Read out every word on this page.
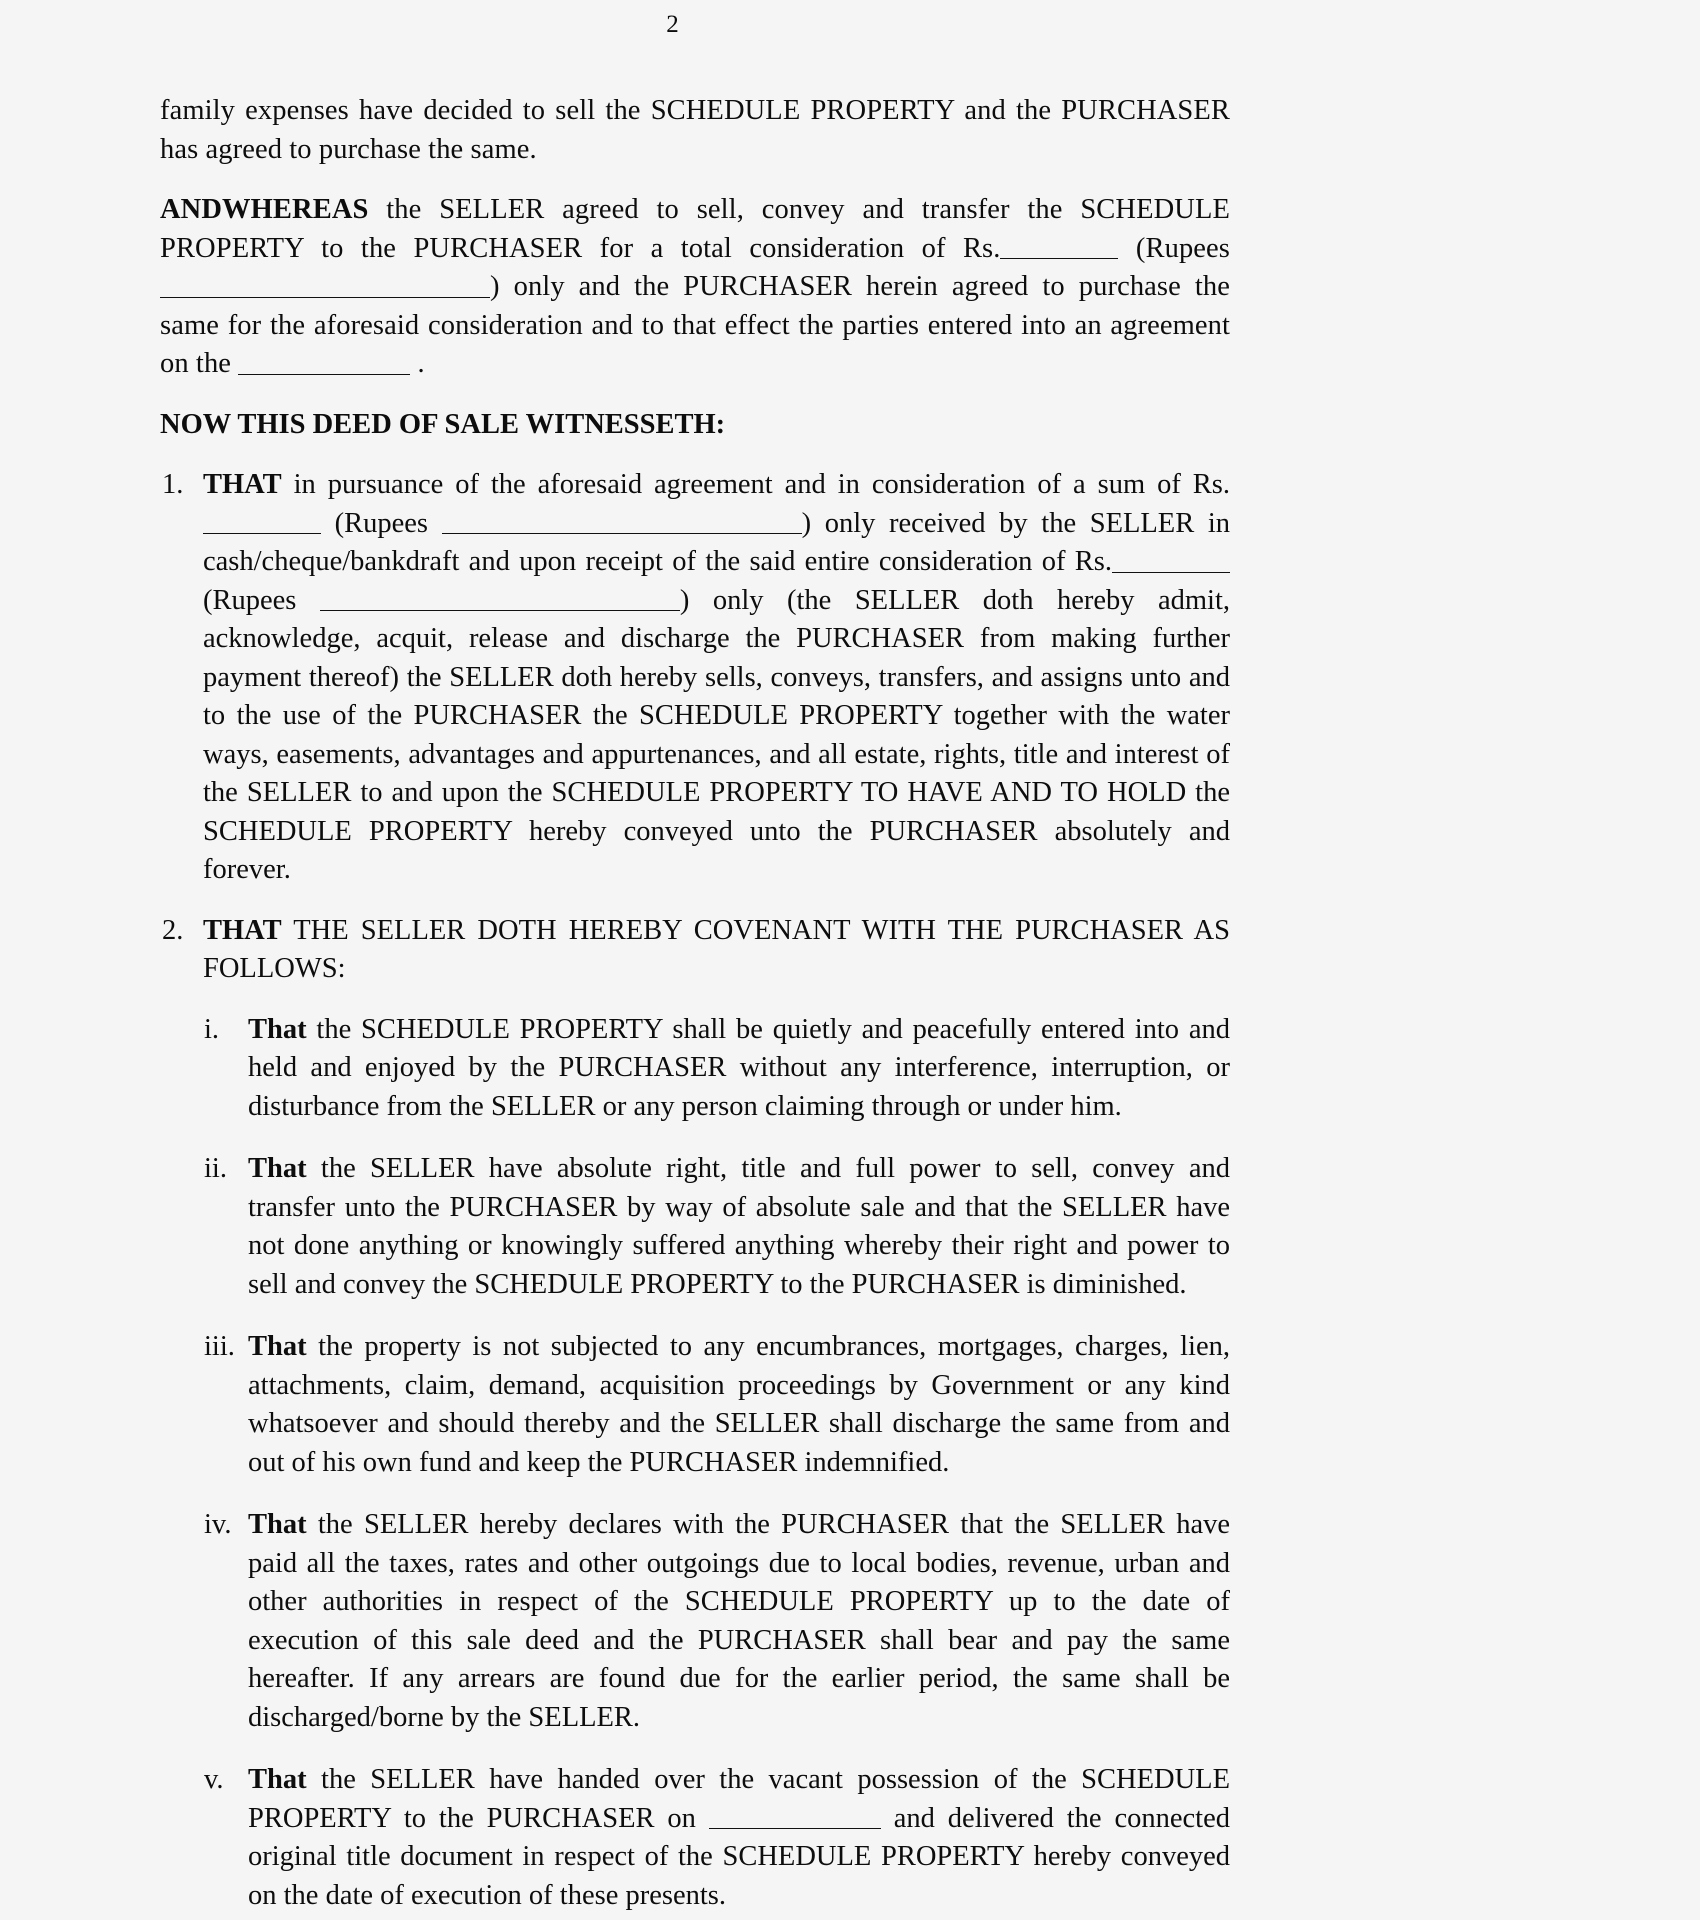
2

family expenses have decided to sell the SCHEDULE PROPERTY and the PURCHASER has agreed to purchase the same.

ANDWHEREAS the SELLER agreed to sell, convey and transfer the SCHEDULE PROPERTY to the PURCHASER for a total consideration of Rs.	(Rupees ) only and the PURCHASER herein agreed to purchase the same for the aforesaid consideration and to that effect the parties entered into an agreement on the	.

NOW THIS DEED OF SALE WITNESSETH:

1. THAT in pursuance of the aforesaid agreement and in consideration of a sum of Rs. (Rupees	) only received by the SELLER in cash/cheque/bankdraft and upon receipt of the said entire consideration of Rs. (Rupees	) only (the SELLER doth hereby admit, acknowledge, acquit, release and discharge the PURCHASER from making further payment thereof) the SELLER doth hereby sells, conveys, transfers, and assigns unto and to the use of the PURCHASER the SCHEDULE PROPERTY together with the water ways, easements, advantages and appurtenances, and all estate, rights, title and interest of the SELLER to and upon the SCHEDULE PROPERTY TO HAVE AND TO HOLD the SCHEDULE PROPERTY hereby conveyed unto the PURCHASER absolutely and forever.
2. THAT THE SELLER DOTH HEREBY COVENANT WITH THE PURCHASER AS FOLLOWS:
i.	That the SCHEDULE PROPERTY shall be quietly and peacefully entered into and held and enjoyed by the PURCHASER without any interference, interruption, or disturbance from the SELLER or any person claiming through or under him.
ii. That the SELLER have absolute right, title and full power to sell, convey and transfer unto the PURCHASER by way of absolute sale and that the SELLER have not done anything or knowingly suffered anything whereby their right and power to sell and convey the SCHEDULE PROPERTY to the PURCHASER is diminished.
iii. That the property is not subjected to any encumbrances, mortgages, charges, lien, attachments, claim, demand, acquisition proceedings by Government or any kind whatsoever and should thereby and the SELLER shall discharge the same from and out of his own fund and keep the PURCHASER indemnified.
iv. That the SELLER hereby declares with the PURCHASER that the SELLER have paid all the taxes, rates and other outgoings due to local bodies, revenue, urban and other authorities in respect of the SCHEDULE PROPERTY up to the date of execution of this sale deed and the PURCHASER shall bear and pay the same hereafter. If any arrears are found due for the earlier period, the same shall be discharged/borne by the SELLER.
v. That the SELLER have handed over the vacant possession of the SCHEDULE PROPERTY to the PURCHASER on	and delivered the connected original title document in respect of the SCHEDULE PROPERTY hereby conveyed on the date of execution of these presents.
